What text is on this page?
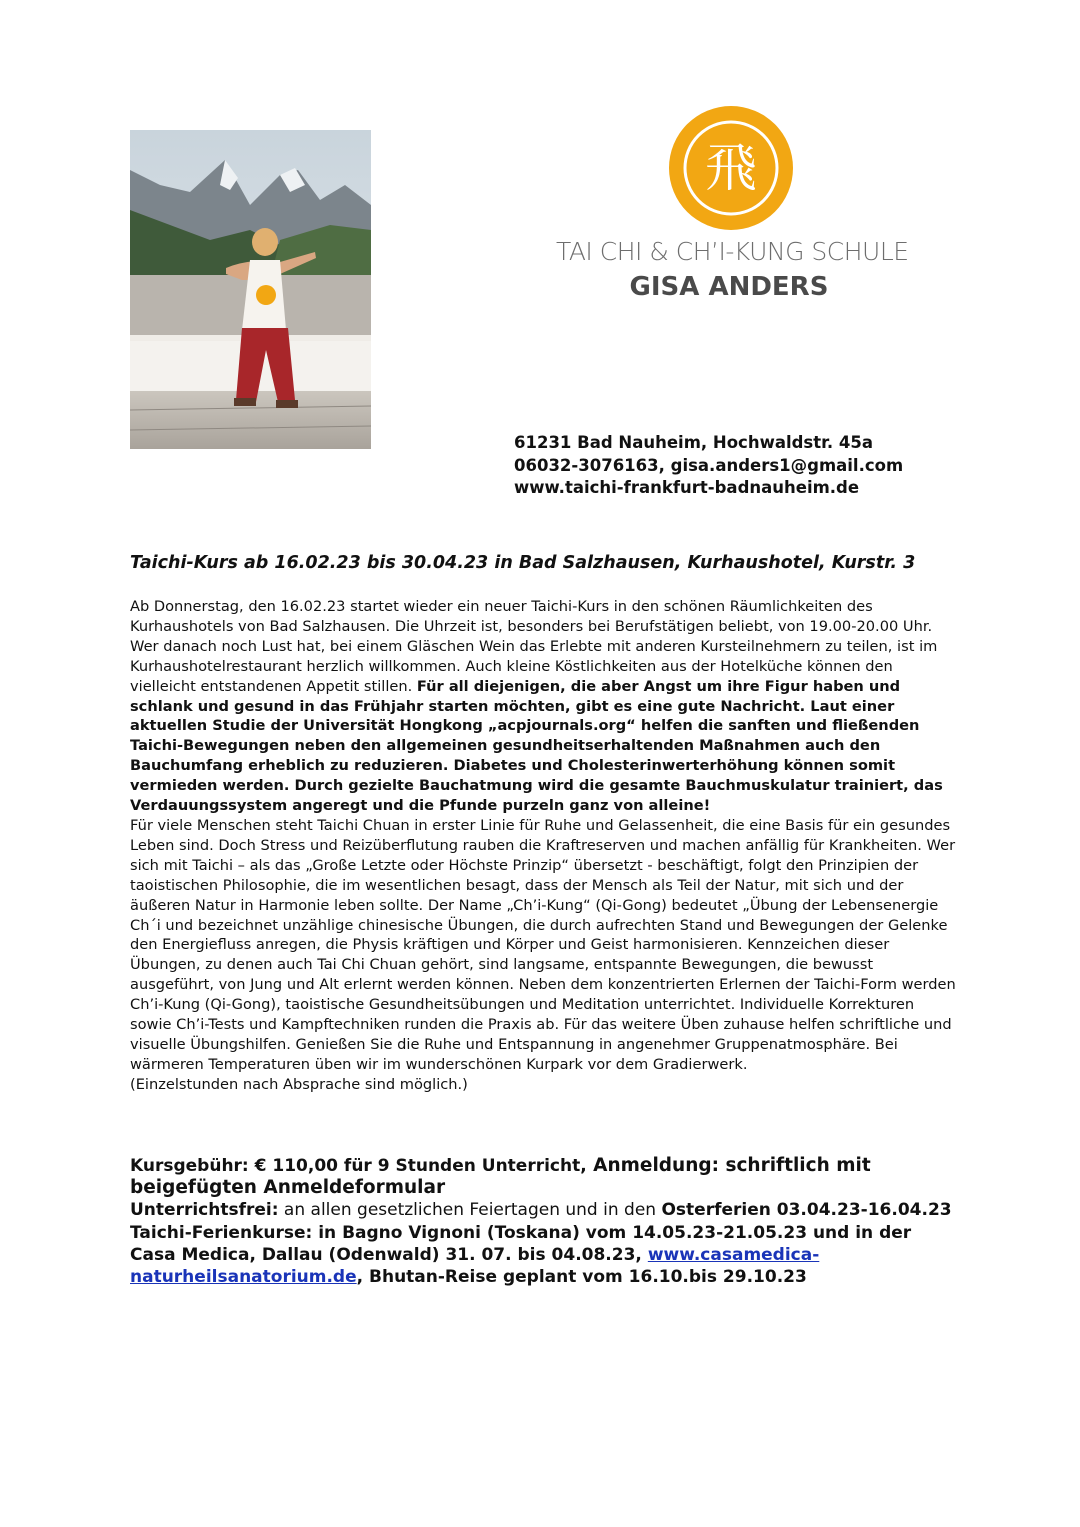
飛
TAI CHI & CH’I-KUNG SCHULE
GISA ANDERS
61231 Bad Nauheim, Hochwaldstr. 45a
06032-3076163, gisa.anders1@gmail.com
www.taichi-frankfurt-badnauheim.de
Taichi-Kurs ab 16.02.23 bis 30.04.23 in Bad Salzhausen, Kurhaushotel, Kurstr. 3

Ab Donnerstag, den 16.02.23 startet wieder ein neuer Taichi-Kurs in den schönen Räumlichkeiten des Kurhaushotels von Bad Salzhausen. Die Uhrzeit ist, besonders bei Berufstätigen beliebt, von 19.00-20.00 Uhr. Wer danach noch Lust hat, bei einem Gläschen Wein das Erlebte mit anderen Kursteilnehmern zu teilen, ist im Kurhaushotelrestaurant herzlich willkommen. Auch kleine Köstlichkeiten aus der Hotelküche können den vielleicht entstandenen Appetit stillen. Für all diejenigen, die aber Angst um ihre Figur haben und schlank und gesund in das Frühjahr starten möchten, gibt es eine gute Nachricht. Laut einer aktuellen Studie der Universität Hongkong „acpjournals.org“ helfen die sanften und fließenden Taichi-Bewegungen neben den allgemeinen gesundheitserhaltenden Maßnahmen auch den Bauchumfang erheblich zu reduzieren. Diabetes und Cholesterinwerterhöhung können somit vermieden werden. Durch gezielte Bauchatmung wird die gesamte Bauchmuskulatur trainiert, das Verdauungssystem angeregt und die Pfunde purzeln ganz von alleine!

Für viele Menschen steht Taichi Chuan in erster Linie für Ruhe und Gelassenheit, die eine Basis für ein gesundes Leben sind. Doch Stress und Reizüberflutung rauben die Kraftreserven und machen anfällig für Krankheiten. Wer sich mit Taichi – als das „Große Letzte oder Höchste Prinzip“ übersetzt - beschäftigt, folgt den Prinzipien der taoistischen Philosophie, die im wesentlichen besagt, dass der Mensch als Teil der Natur, mit sich und der äußeren Natur in Harmonie leben sollte. Der Name „Ch’i-Kung“ (Qi-Gong) bedeutet „Übung der Lebensenergie Ch´i und bezeichnet unzählige chinesische Übungen, die durch aufrechten Stand und Bewegungen der Gelenke den Energiefluss anregen, die Physis kräftigen und Körper und Geist harmonisieren. Kennzeichen dieser Übungen, zu denen auch Tai Chi Chuan gehört, sind langsame, entspannte Bewegungen, die bewusst ausgeführt, von Jung und Alt erlernt werden können. Neben dem konzentrierten Erlernen der Taichi-Form werden Ch’i-Kung (Qi-Gong), taoistische Gesundheitsübungen und Meditation unterrichtet. Individuelle Korrekturen sowie Ch’i-Tests und Kampftechniken runden die Praxis ab. Für das weitere Üben zuhause helfen schriftliche und visuelle Übungshilfen. Genießen Sie die Ruhe und Entspannung in angenehmer Gruppenatmosphäre. Bei wärmeren Temperaturen üben wir im wunderschönen Kurpark vor dem Gradierwerk.

(Einzelstunden nach Absprache sind möglich.)

Kursgebühr: € 110,00 für 9 Stunden Unterricht, Anmeldung: schriftlich mit beigefügten Anmeldeformular

Unterrichtsfrei: an allen gesetzlichen Feiertagen und in den Osterferien 03.04.23-16.04.23

Taichi-Ferienkurse: in Bagno Vignoni (Toskana) vom 14.05.23-21.05.23 und in der Casa Medica, Dallau (Odenwald) 31. 07. bis 04.08.23, www.casamedica-naturheilsanatorium.de, Bhutan-Reise geplant vom 16.10.bis 29.10.23
